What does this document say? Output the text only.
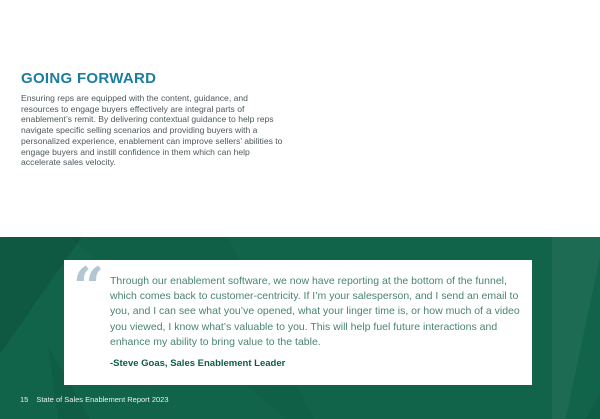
GOING FORWARD
Ensuring reps are equipped with the content, guidance, and resources to engage buyers effectively are integral parts of enablement’s remit. By delivering contextual guidance to help reps navigate specific selling scenarios and providing buyers with a personalized experience, enablement can improve sellers’ abilities to engage buyers and instill confidence in them which can help accelerate sales velocity.
“ Through our enablement software, we now have reporting at the bottom of the funnel, which comes back to customer-centricity. If I’m your salesperson, and I send an email to you, and I can see what you’ve opened, what your linger time is, or how much of a video you viewed, I know what’s valuable to you. This will help fuel future interactions and enhance my ability to bring value to the table.
-Steve Goas, Sales Enablement Leader
15 State of Sales Enablement Report 2023
